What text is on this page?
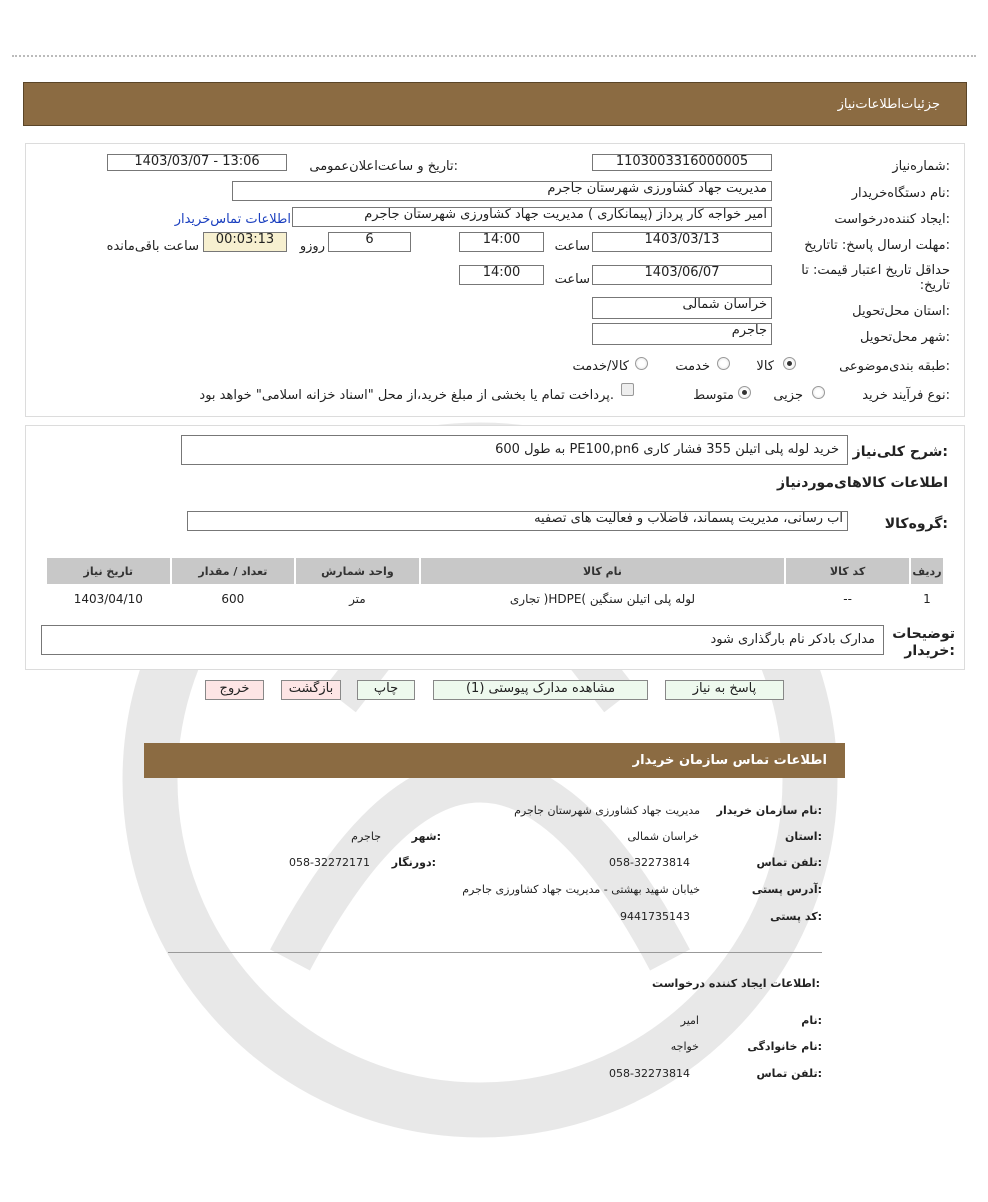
جزئیات‌اطلاعات‌نیاز
شماره‌نیاز:
1103003316000005
تاریخ و ساعت‌اعلان‌عمومی:
1403/03/07 - 13:06
نام دستگاه‌خریدار:
مدیریت جهاد کشاورزی شهرستان جاجرم
ایجاد کننده‌درخواست:
امیر خواجه کار پرداز (پیمانکاری ) مدیریت جهاد کشاورزی شهرستان جاجرم
اطلاعات تماس‌خریدار
مهلت ارسال پاسخ: تاتاریخ:
1403/03/13
ساعت
14:00
6
روزو
00:03:13
ساعت باقی‌مانده
حداقل تاریخ اعتبار قیمت: تا تاریخ:
1403/06/07
ساعت
14:00
استان محل‌تحویل:
خراسان شمالی
شهر محل‌تحویل:
جاجرم
طبقه بندی‌موضوعی:
کالا
خدمت
کالا/خدمت
نوع فرآیند خرید:
جزیی
متوسط
پرداخت تمام یا بخشی از مبلغ خرید،از محل "اسناد خزانه اسلامی" خواهد بود.
شرح کلی‌نیاز:
خرید لوله پلی اتیلن 355 فشار کاری PE100,pn6 به طول 600
اطلاعات کالاهای‌موردنیاز
گروه‌کالا:
آب رسانی، مدیریت پسماند، فاضلاب و فعالیت های تصفیه
ردیف	کد کالا	نام کالا	واحد شمارش	تعداد / مقدار	تاریخ نیاز
1	--	لوله پلی اتیلن سنگین )HDPE( تجاری	متر	600	1403/04/10
توضیحات خریدار:
مدارک بادکر نام بارگذاری شود
پاسخ به نیاز
مشاهده مدارک پیوستی (1)
چاپ
بازگشت
خروج
اطلاعات تماس سازمان خریدار
نام سازمان خریدار:
مدیریت جهاد کشاورزی شهرستان جاجرم
استان:
خراسان شمالی
شهر:
جاجرم
تلفن تماس:
058-32273814
دورنگار:
058-32272171
آدرس پستی:
خیابان شهید بهشتی - مدیریت جهاد کشاورزی جاجرم
کد پستی:
9441735143
اطلاعات ایجاد کننده درخواست:
نام:
امیر
نام خانوادگی:
خواجه
تلفن تماس:
058-32273814
